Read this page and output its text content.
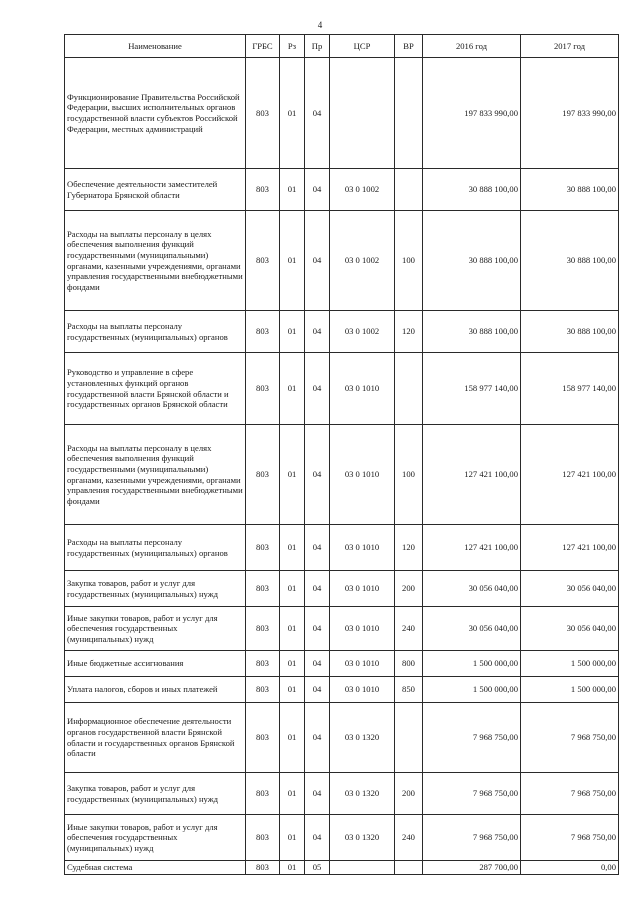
4
Наименование	ГРБС	Рз	Пр	ЦСР	ВР	2016 год	2017 год
Функционирование Правительства Российской Федерации, высших исполнительных органов государственной власти субъектов Российской Федерации, местных администраций	803	01	04			197 833 990,00	197 833 990,00
Обеспечение деятельности заместителей Губернатора Брянской области	803	01	04	03 0 1002		30 888 100,00	30 888 100,00
Расходы на выплаты персоналу в целях обеспечения выполнения функций государственными (муниципальными) органами, казенными учреждениями, органами управления государственными внебюджетными фондами	803	01	04	03 0 1002	100	30 888 100,00	30 888 100,00
Расходы на выплаты персоналу государственных (муниципальных) органов	803	01	04	03 0 1002	120	30 888 100,00	30 888 100,00
Руководство и управление в сфере установленных функций органов государственной власти Брянской области и государственных органов Брянской области	803	01	04	03 0 1010		158 977 140,00	158 977 140,00
Расходы на выплаты персоналу в целях обеспечения выполнения функций государственными (муниципальными) органами, казенными учреждениями, органами управления государственными внебюджетными фондами	803	01	04	03 0 1010	100	127 421 100,00	127 421 100,00
Расходы на выплаты персоналу государственных (муниципальных) органов	803	01	04	03 0 1010	120	127 421 100,00	127 421 100,00
Закупка товаров, работ и услуг для государственных (муниципальных) нужд	803	01	04	03 0 1010	200	30 056 040,00	30 056 040,00
Иные закупки товаров, работ и услуг для обеспечения государственных (муниципальных) нужд	803	01	04	03 0 1010	240	30 056 040,00	30 056 040,00
Иные бюджетные ассигнования	803	01	04	03 0 1010	800	1 500 000,00	1 500 000,00
Уплата налогов, сборов и иных платежей	803	01	04	03 0 1010	850	1 500 000,00	1 500 000,00
Информационное обеспечение деятельности органов государственной власти Брянской области и государственных органов Брянской области	803	01	04	03 0 1320		7 968 750,00	7 968 750,00
Закупка товаров, работ и услуг для государственных (муниципальных) нужд	803	01	04	03 0 1320	200	7 968 750,00	7 968 750,00
Иные закупки товаров, работ и услуг для обеспечения государственных (муниципальных) нужд	803	01	04	03 0 1320	240	7 968 750,00	7 968 750,00
Судебная система	803	01	05			287 700,00	0,00
